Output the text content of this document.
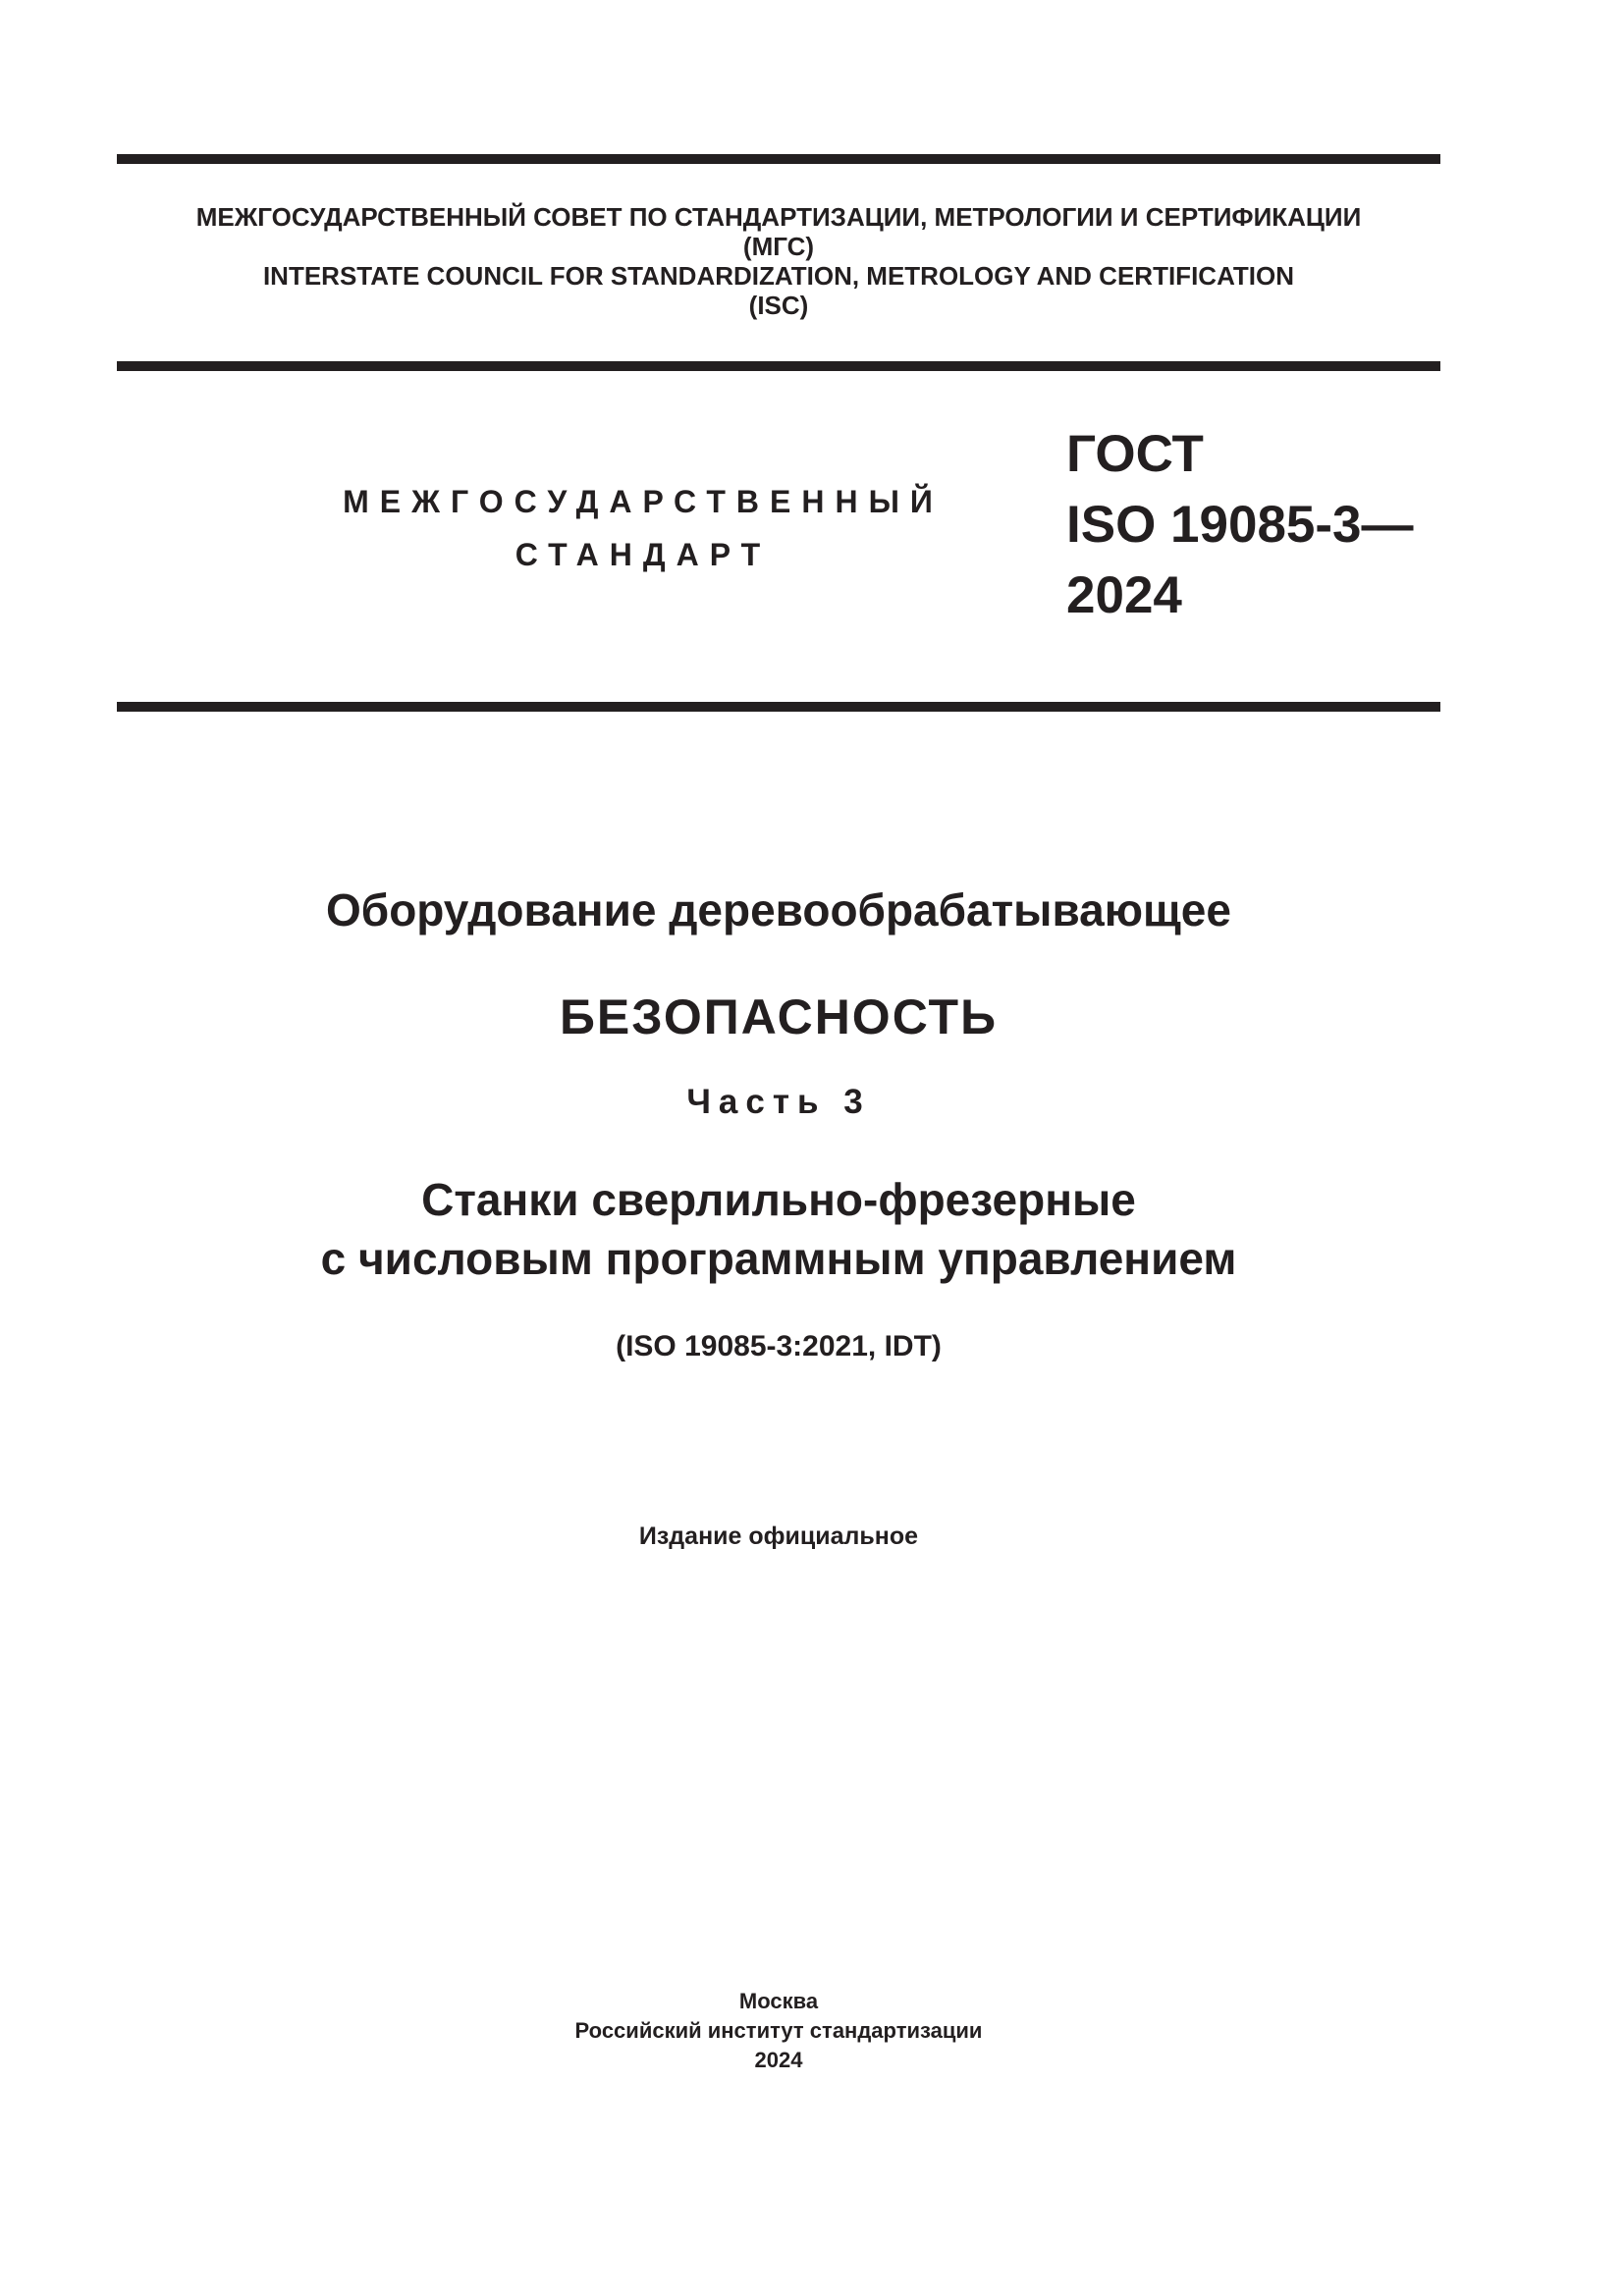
МЕЖГОСУДАРСТВЕННЫЙ СОВЕТ ПО СТАНДАРТИЗАЦИИ, МЕТРОЛОГИИ И СЕРТИФИКАЦИИ
(МГС)
INTERSTATE COUNCIL FOR STANDARDIZATION, METROLOGY AND CERTIFICATION
(ISC)
МЕЖГОСУДАРСТВЕННЫЙ
СТАНДАРТ
ГОСТ
ISO 19085-3—
2024
Оборудование деревообрабатывающее
БЕЗОПАСНОСТЬ
Часть 3
Станки сверлильно-фрезерные
с числовым программным управлением
(ISO 19085-3:2021, IDT)
Издание официальное
Москва
Российский институт стандартизации
2024
